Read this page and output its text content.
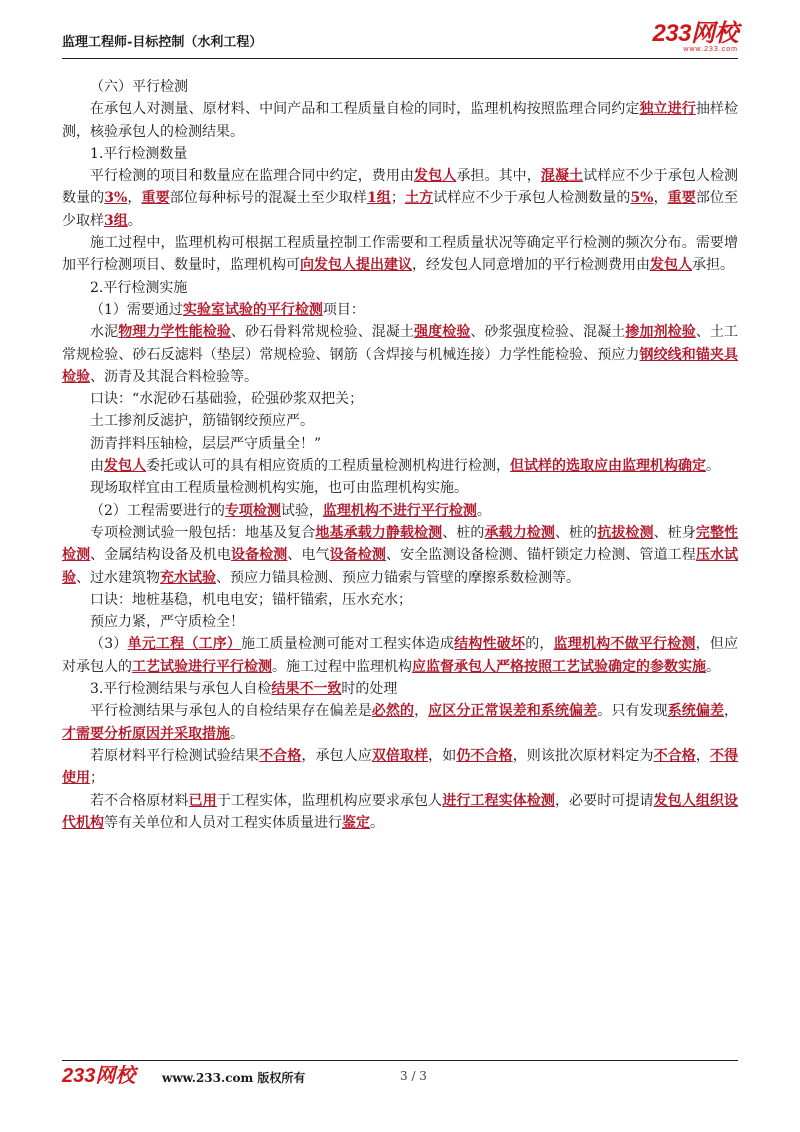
监理工程师-目标控制（水利工程）	233网校
www.233.com

（六）平行检测

在承包人对测量、原材料、中间产品和工程质量自检的同时，监理机构按照监理合同约定独立进行抽样检测，核验承包人的检测结果。

1.平行检测数量

平行检测的项目和数量应在监理合同中约定，费用由发包人承担。其中，混凝土试样应不少于承包人检测数量的3%，重要部位每种标号的混凝土至少取样1组；土方试样应不少于承包人检测数量的5%，重要部位至少取样3组。

施工过程中，监理机构可根据工程质量控制工作需要和工程质量状况等确定平行检测的频次分布。需要增加平行检测项目、数量时，监理机构可向发包人提出建议，经发包人同意增加的平行检测费用由发包人承担。

2.平行检测实施

（1）需要通过实验室试验的平行检测项目：

水泥物理力学性能检验、砂石骨料常规检验、混凝土强度检验、砂浆强度检验、混凝土掺加剂检验、土工常规检验、砂石反滤料（垫层）常规检验、钢筋（含焊接与机械连接）力学性能检验、预应力钢绞线和锚夹具检验、沥青及其混合料检验等。

口诀：“水泥砂石基础验，砼强砂浆双把关；

土工掺剂反滤护，筋锚钢绞预应严。

沥青拌料压轴检，层层严守质量全！”

由发包人委托或认可的具有相应资质的工程质量检测机构进行检测，但试样的选取应由监理机构确定。

现场取样宜由工程质量检测机构实施，也可由监理机构实施。

（2）工程需要进行的专项检测试验，监理机构不进行平行检测。

专项检测试验一般包括：地基及复合地基承载力静载检测、桩的承载力检测、桩的抗拔检测、桩身完整性检测、金属结构设备及机电设备检测、电气设备检测、安全监测设备检测、锚杆锁定力检测、管道工程压水试验、过水建筑物充水试验、预应力锚具检测、预应力锚索与管壁的摩擦系数检测等。

口诀：地桩基稳，机电电安；锚杆锚索，压水充水；

预应力紧，严守质检全！

（3）单元工程（工序）施工质量检测可能对工程实体造成结构性破坏的，监理机构不做平行检测，但应对承包人的工艺试验进行平行检测。施工过程中监理机构应监督承包人严格按照工艺试验确定的参数实施。

3.平行检测结果与承包人自检结果不一致时的处理

平行检测结果与承包人的自检结果存在偏差是必然的，应区分正常误差和系统偏差。只有发现系统偏差，才需要分析原因并采取措施。

若原材料平行检测试验结果不合格，承包人应双倍取样，如仍不合格，则该批次原材料定为不合格，不得使用；

若不合格原材料已用于工程实体，监理机构应要求承包人进行工程实体检测，必要时可提请发包人组织设代机构等有关单位和人员对工程实体质量进行鉴定。

233网校 www.233.com 版权所有	3 / 3
